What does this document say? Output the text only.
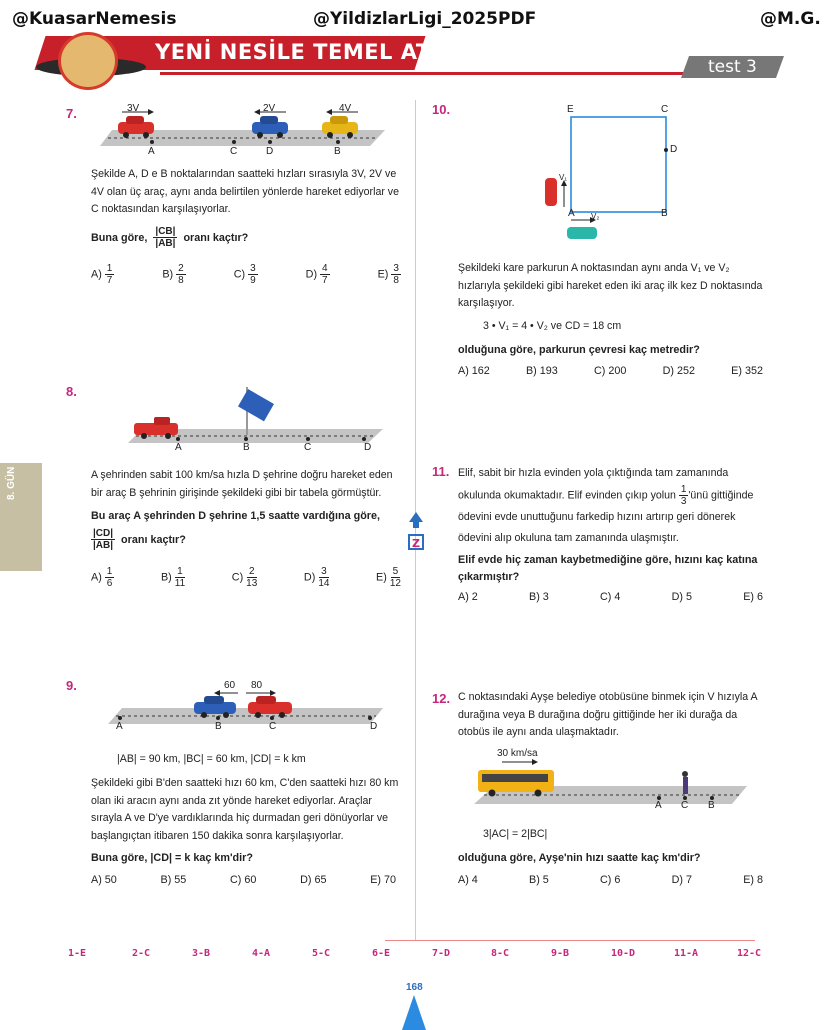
@KuasarNemesis	@YildizlarLigi_2025PDF	@M.G.
YENİ NESİLE TEMEL AT
test 3
8. GÜN
7.	3V	2V	4V
A	C	D	B
Şekilde A, D e B noktalarından saatteki hızları sırasıyla 3V, 2V ve 4V olan üç araç, aynı anda belirtilen yönlerde hareket ediyorlar ve C noktasından karşılaşıyorlar.
Buna göre, $\frac{|CB|}{|AB|}$ oranı kaçtır?
$A) \frac{1}{7}$	$B) \frac{2}{8}$	$C) \frac{3}{9}$	$D) \frac{4}{7}$	$E) \frac{3}{8}$
8.
A	B	C	D
A şehrinden sabit 100 km/sa hızla D şehrine doğru hareket eden bir araç B şehrinin girişinde şekildeki gibi bir tabela görmüştür.
Bu araç A şehrinden D şehrine 1,5 saatte vardığına göre,
$\frac{|CD|}{|AB|}$ oranı kaçtır?
$A) \frac{1}{6}$	$B) \frac{1}{11}$	$C) \frac{2}{13}$	$D) \frac{3}{14}$	$E) \frac{5}{12}$
9.	60 80
A	B	C	D
|AB| = 90 km, |BC| = 60 km, |CD| = k km
Şekildeki gibi B'den saatteki hızı 60 km, C'den saatteki hızı 80 km olan iki aracın aynı anda zıt yönde hareket ediyorlar. Araçlar sırayla A ve D'ye vardıklarında hiç durmadan geri dönüyorlar ve başlangıçtan itibaren 150 dakika sonra karşılaşıyorlar.
Buna göre, |CD| = k kaç km'dir?
A) 50	B) 55	C) 60	D) 65	E) 70
10.	E	C
D
A	B
V₁
V₂
Şekildeki kare parkurun A noktasından aynı anda V₁ ve V₂ hızlarıyla şekildeki gibi hareket eden iki araç ilk kez D noktasında karşılaşıyor.
3 • V₁ = 4 • V₂ ve CD = 18 cm
olduğuna göre, parkurun çevresi kaç metredir?
A) 162	B) 193	C) 200	D) 252	E) 352
Z
11. Elif, sabit bir hızla evinden yola çıktığında tam zamanında okulunda okumaktadır. Elif evinden çıkıp yolun $\frac{1}{3}$ 'ünü gittiğinde ödevini evde unuttuğunu farkedip hızını artırıp geri dönerek ödevini alıp okuluna tam zamanında ulaşmıştır.
Elif evde hiç zaman kaybetmediğine göre, hızını kaç katına çıkarmıştır?
A) 2	B) 3	C) 4	D) 5	E) 6
12. C noktasındaki Ayşe belediye otobüsüne binmek için V hızıyla A durağına veya B durağına doğru gittiğinde her iki durağa da otobüs ile aynı anda ulaşmaktadır.
30 km/sa
A C B
3|AC| = 2|BC|
olduğuna göre, Ayşe'nin hızı saatte kaç km'dir?
A) 4	B) 5	C) 6	D) 7	E) 8
1-E	2-C	3-B	4-A	5-C	6-E	7-D	8-C	9-B	10-D	11-A	12-C
168
